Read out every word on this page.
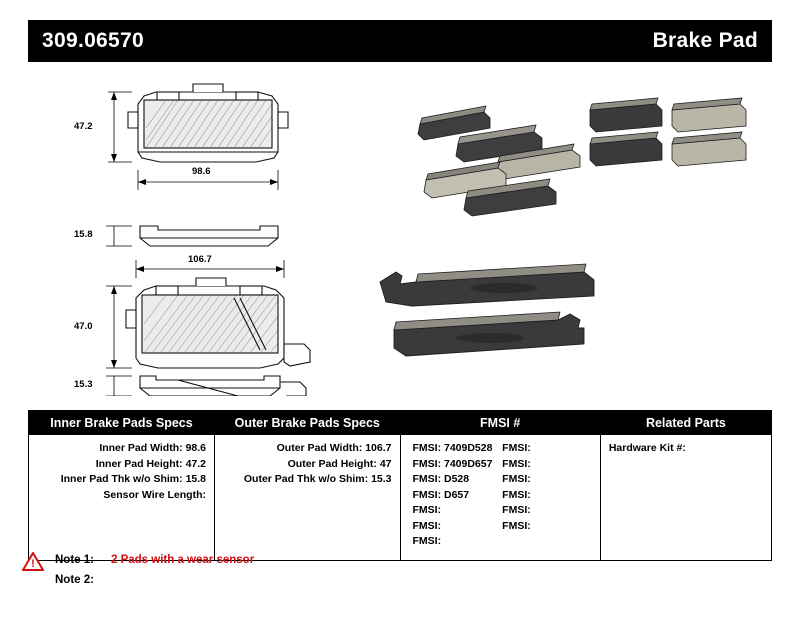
309.06570	Brake Pad
47.2
98.6
15.8
106.7
47.0
15.3
Inner Brake Pads Specs	Outer Brake Pads Specs	FMSI #	Related Parts

Inner Pad Width: 98.6
Inner Pad Height: 47.2
Inner Pad Thk w/o Shim: 15.8
Sensor Wire Length:

Outer Pad Width: 106.7
Outer Pad Height: 47
Outer Pad Thk w/o Shim: 15.3

FMSI: 7409D528
FMSI: 7409D657
FMSI: D528
FMSI: D657
FMSI:
FMSI:
FMSI:
FMSI:
FMSI:
FMSI:
FMSI:
FMSI:
FMSI:

Hardware Kit #:
! Note 1:	2 Pads with a wear sensor
Note 2:
